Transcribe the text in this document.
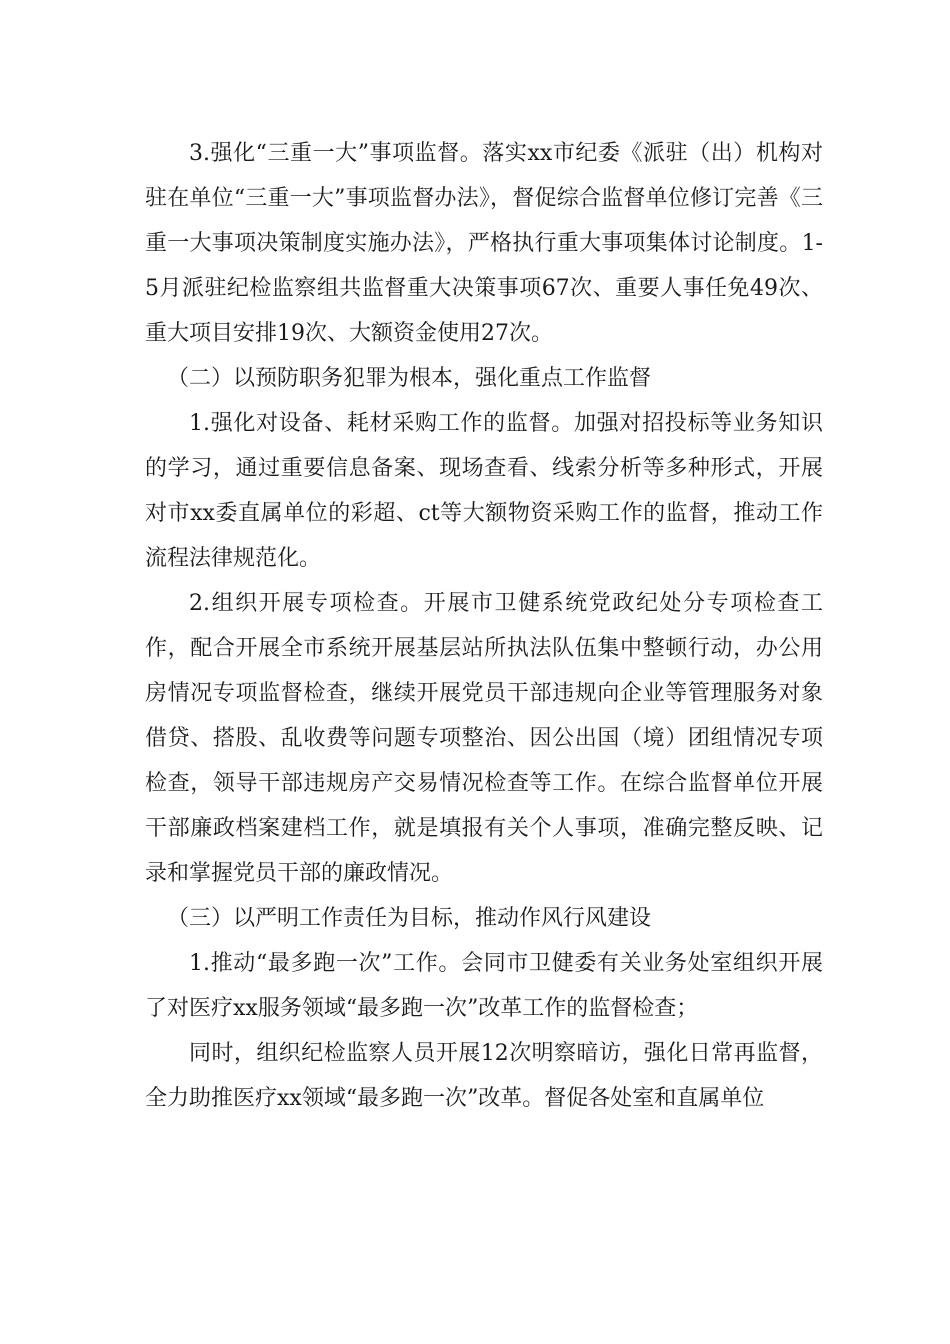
3.强化“三重一大”事项监督。落实xx市纪委《派驻（出）机构对驻在单位“三重一大”事项监督办法》，督促综合监督单位修订完善《三重一大事项决策制度实施办法》，严格执行重大事项集体讨论制度。1-5月派驻纪检监察组共监督重大决策事项67次、重要人事任免49次、重大项目安排19次、大额资金使用27次。

（二）以预防职务犯罪为根本，强化重点工作监督

1.强化对设备、耗材采购工作的监督。加强对招投标等业务知识的学习，通过重要信息备案、现场查看、线索分析等多种形式，开展对市xx委直属单位的彩超、ct等大额物资采购工作的监督，推动工作流程法律规范化。

2.组织开展专项检查。开展市卫健系统党政纪处分专项检查工作，配合开展全市系统开展基层站所执法队伍集中整顿行动，办公用房情况专项监督检查，继续开展党员干部违规向企业等管理服务对象借贷、搭股、乱收费等问题专项整治、因公出国（境）团组情况专项检查，领导干部违规房产交易情况检查等工作。在综合监督单位开展干部廉政档案建档工作，就是填报有关个人事项，准确完整反映、记录和掌握党员干部的廉政情况。

（三）以严明工作责任为目标，推动作风行风建设

1.推动“最多跑一次”工作。会同市卫健委有关业务处室组织开展了对医疗xx服务领域“最多跑一次”改革工作的监督检查；

同时，组织纪检监察人员开展12次明察暗访，强化日常再监督，全力助推医疗xx领域“最多跑一次”改革。督促各处室和直属单位
